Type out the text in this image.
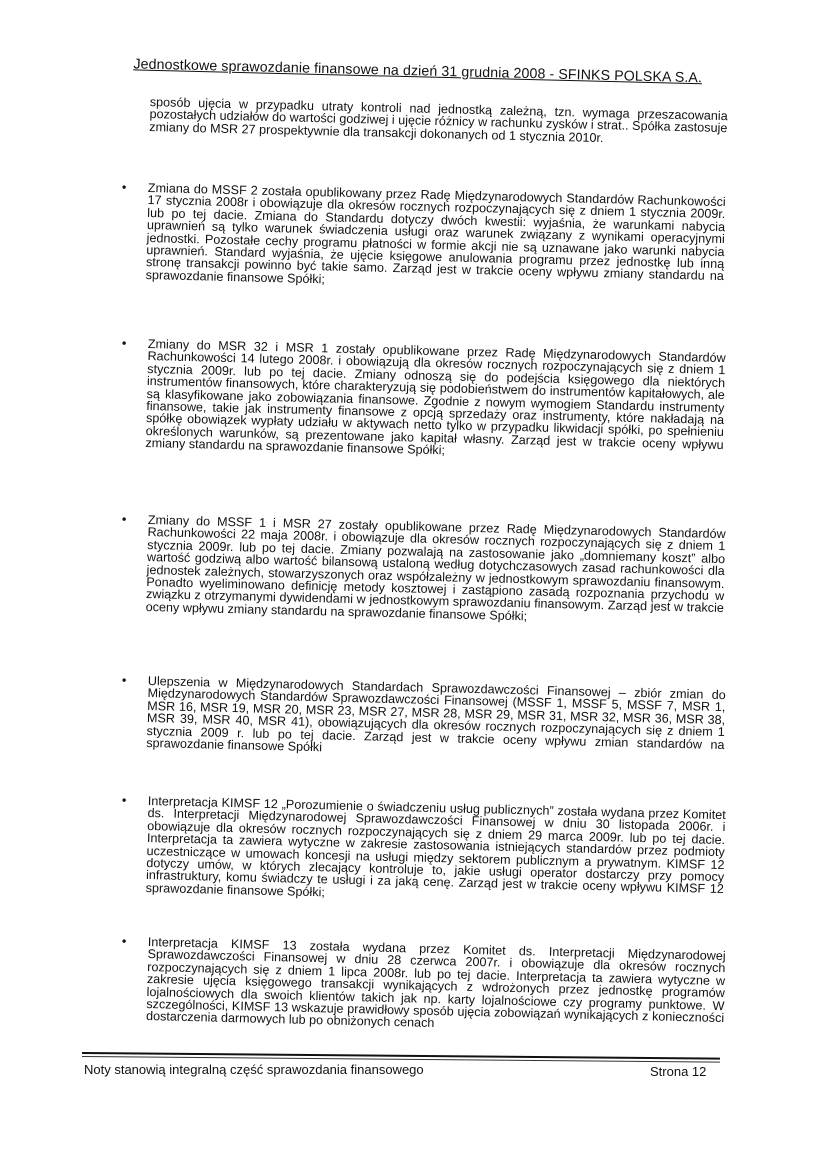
Jednostkowe sprawozdanie finansowe na dzień 31 grudnia 2008 - SFINKS POLSKA S.A.
sposób ujęcia w przypadku utraty kontroli nad jednostką zależną, tzn. wymaga przeszacowania pozostałych udziałów do wartości godziwej i ujęcie różnicy w rachunku zysków i strat.. Spółka zastosuje zmiany do MSR 27 prospektywnie dla transakcji dokonanych od 1 stycznia 2010r.
• Zmiana do MSSF 2 została opublikowany przez Radę Międzynarodowych Standardów Rachunkowości 17 stycznia 2008r i obowiązuje dla okresów rocznych rozpoczynających się z dniem 1 stycznia 2009r. lub po tej dacie. Zmiana do Standardu dotyczy dwóch kwestii: wyjaśnia, że warunkami nabycia uprawnień są tylko warunek świadczenia usługi oraz warunek związany z wynikami operacyjnymi jednostki. Pozostałe cechy programu płatności w formie akcji nie są uznawane jako warunki nabycia uprawnień. Standard wyjaśnia, że ujęcie księgowe anulowania programu przez jednostkę lub inną stronę transakcji powinno być takie samo. Zarząd jest w trakcie oceny wpływu zmiany standardu na sprawozdanie finansowe Spółki;
• Zmiany do MSR 32 i MSR 1 zostały opublikowane przez Radę Międzynarodowych Standardów Rachunkowości 14 lutego 2008r. i obowiązują dla okresów rocznych rozpoczynających się z dniem 1 stycznia 2009r. lub po tej dacie. Zmiany odnoszą się do podejścia księgowego dla niektórych instrumentów finansowych, które charakteryzują się podobieństwem do instrumentów kapitałowych, ale są klasyfikowane jako zobowiązania finansowe. Zgodnie z nowym wymogiem Standardu instrumenty finansowe, takie jak instrumenty finansowe z opcją sprzedaży oraz instrumenty, które nakładają na spółkę obowiązek wypłaty udziału w aktywach netto tylko w przypadku likwidacji spółki, po spełnieniu określonych warunków, są prezentowane jako kapitał własny. Zarząd jest w trakcie oceny wpływu zmiany standardu na sprawozdanie finansowe Spółki;
• Zmiany do MSSF 1 i MSR 27 zostały opublikowane przez Radę Międzynarodowych Standardów Rachunkowości 22 maja 2008r. i obowiązuje dla okresów rocznych rozpoczynających się z dniem 1 stycznia 2009r. lub po tej dacie. Zmiany pozwalają na zastosowanie jako „domniemany koszt” albo wartość godziwą albo wartość bilansową ustaloną według dotychczasowych zasad rachunkowości dla jednostek zależnych, stowarzyszonych oraz współzależny w jednostkowym sprawozdaniu finansowym. Ponadto wyeliminowano definicję metody kosztowej i zastąpiono zasadą rozpoznania przychodu w związku z otrzymanymi dywidendami w jednostkowym sprawozdaniu finansowym. Zarząd jest w trakcie oceny wpływu zmiany standardu na sprawozdanie finansowe Spółki;
• Ulepszenia w Międzynarodowych Standardach Sprawozdawczości Finansowej – zbiór zmian do Międzynarodowych Standardów Sprawozdawczości Finansowej (MSSF 1, MSSF 5, MSSF 7, MSR 1, MSR 16, MSR 19, MSR 20, MSR 23, MSR 27, MSR 28, MSR 29, MSR 31, MSR 32, MSR 36, MSR 38, MSR 39, MSR 40, MSR 41), obowiązujących dla okresów rocznych rozpoczynających się z dniem 1 stycznia 2009 r. lub po tej dacie. Zarząd jest w trakcie oceny wpływu zmian standardów na sprawozdanie finansowe Spółki
• Interpretacja KIMSF 12 „Porozumienie o świadczeniu usług publicznych” została wydana przez Komitet ds. Interpretacji Międzynarodowej Sprawozdawczości Finansowej w dniu 30 listopada 2006r. i obowiązuje dla okresów rocznych rozpoczynających się z dniem 29 marca 2009r. lub po tej dacie. Interpretacja ta zawiera wytyczne w zakresie zastosowania istniejących standardów przez podmioty uczestniczące w umowach koncesji na usługi między sektorem publicznym a prywatnym. KIMSF 12 dotyczy umów, w których zlecający kontroluje to, jakie usługi operator dostarczy przy pomocy infrastruktury, komu świadczy te usługi i za jaką cenę. Zarząd jest w trakcie oceny wpływu KIMSF 12 sprawozdanie finansowe Spółki;
• Interpretacja KIMSF 13 została wydana przez Komitet ds. Interpretacji Międzynarodowej Sprawozdawczości Finansowej w dniu 28 czerwca 2007r. i obowiązuje dla okresów rocznych rozpoczynających się z dniem 1 lipca 2008r. lub po tej dacie. Interpretacja ta zawiera wytyczne w zakresie ujęcia księgowego transakcji wynikających z wdrożonych przez jednostkę programów lojalnościowych dla swoich klientów takich jak np. karty lojalnościowe czy programy punktowe. W szczególności, KIMSF 13 wskazuje prawidłowy sposób ujęcia zobowiązań wynikających z konieczności dostarczenia darmowych lub po obniżonych cenach
Noty stanowią integralną część sprawozdania finansowego	Strona 12
